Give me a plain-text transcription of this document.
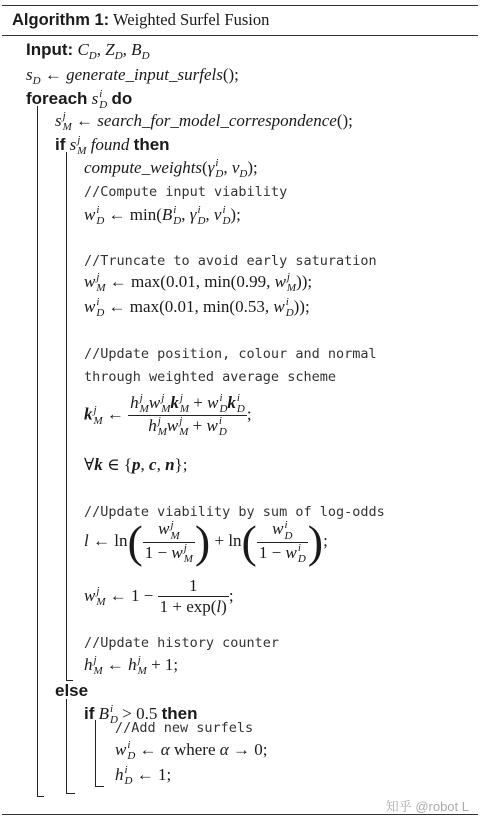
Algorithm 1: Weighted Surfel Fusion
Input: $C_D$, $Z_D$, $B_D$
$s_D$ ← generate_input_surfels();
foreach s i
D do
s j
M ← search_for_model_correspondence();
if s j
M found then
compute_weights(γ i
D , $v_D$);
//Compute input viability
w i
D ← min(B i
D , γ i
D , v i
D );
//Truncate to avoid early saturation
w j
M ← max(0.01, min(0.99, w j
M ));
w i
D ← max(0.01, min(0.53, w i
D ));
//Update position, colour and normal
through weighted average scheme
k j
M ← h j
M w j
M k j
M + w i
D k i
D
h j
M w j
M + w i
D ;
∀k ∈ {p, c, n};
//Update viability by sum of log-odds
l ← ln( w j
M
1 − w j
M ) + ln( w i
D
1 − w i
D );
w j
M ← $1 - \frac{1}{1 + \exp(l)}$ ;
//Update history counter
h j
M ← h j
M + 1;
else
if B i
D > 0.5 then
//Add new surfels
w i
D ← α where α → 0;
h i
D ← 1;
知乎 @robot L
